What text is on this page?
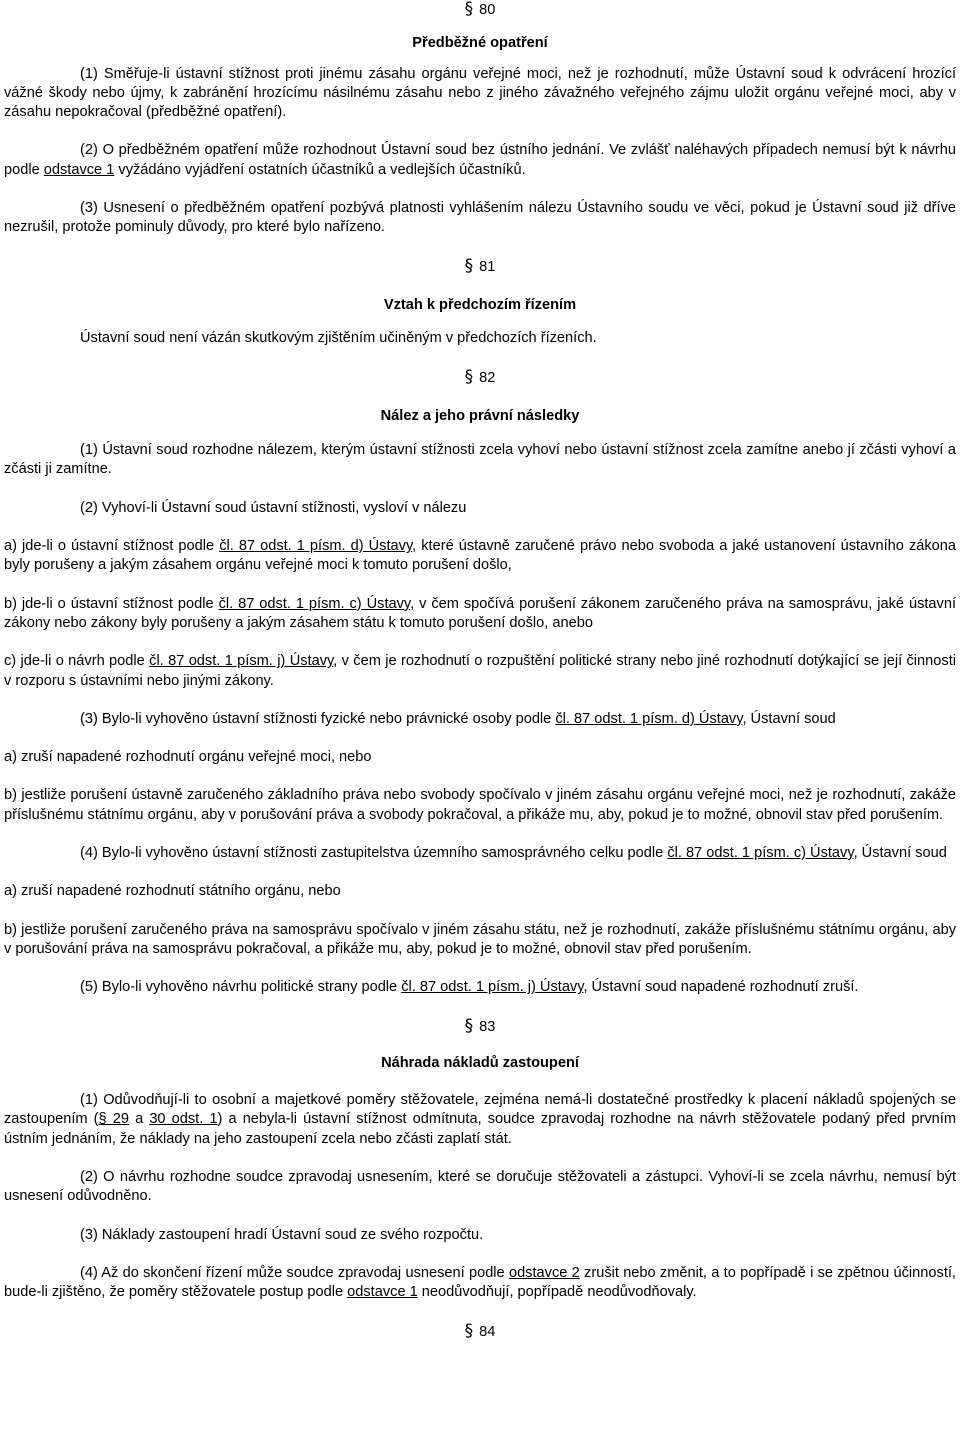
§ 80
Předběžné opatření

(1) Směřuje-li ústavní stížnost proti jinému zásahu orgánu veřejné moci, než je rozhodnutí, může Ústavní soud k odvrácení hrozící vážné škody nebo újmy, k zabránění hrozícímu násilnému zásahu nebo z jiného závažného veřejného zájmu uložit orgánu veřejné moci, aby v zásahu nepokračoval (předběžné opatření).

(2) O předběžném opatření může rozhodnout Ústavní soud bez ústního jednání. Ve zvlášť naléhavých případech nemusí být k návrhu podle odstavce 1 vyžádáno vyjádření ostatních účastníků a vedlejších účastníků.

(3) Usnesení o předběžném opatření pozbývá platnosti vyhlášením nálezu Ústavního soudu ve věci, pokud je Ústavní soud již dříve nezrušil, protože pominuly důvody, pro které bylo nařízeno.

§ 81
Vztah k předchozím řízením

Ústavní soud není vázán skutkovým zjištěním učiněným v předchozích řízeních.

§ 82
Nález a jeho právní následky

(1) Ústavní soud rozhodne nálezem, kterým ústavní stížnosti zcela vyhoví nebo ústavní stížnost zcela zamítne anebo jí zčásti vyhoví a zčásti ji zamítne.

(2) Vyhoví-li Ústavní soud ústavní stížnosti, vysloví v nálezu

a) jde-li o ústavní stížnost podle čl. 87 odst. 1 písm. d) Ústavy, které ústavně zaručené právo nebo svoboda a jaké ustanovení ústavního zákona byly porušeny a jakým zásahem orgánu veřejné moci k tomuto porušení došlo,

b) jde-li o ústavní stížnost podle čl. 87 odst. 1 písm. c) Ústavy, v čem spočívá porušení zákonem zaručeného práva na samosprávu, jaké ústavní zákony nebo zákony byly porušeny a jakým zásahem státu k tomuto porušení došlo, anebo

c) jde-li o návrh podle čl. 87 odst. 1 písm. j) Ústavy, v čem je rozhodnutí o rozpuštění politické strany nebo jiné rozhodnutí dotýkající se její činnosti v rozporu s ústavními nebo jinými zákony.

(3) Bylo-li vyhověno ústavní stížnosti fyzické nebo právnické osoby podle čl. 87 odst. 1 písm. d) Ústavy, Ústavní soud

a) zruší napadené rozhodnutí orgánu veřejné moci, nebo

b) jestliže porušení ústavně zaručeného základního práva nebo svobody spočívalo v jiném zásahu orgánu veřejné moci, než je rozhodnutí, zakáže příslušnému státnímu orgánu, aby v porušování práva a svobody pokračoval, a přikáže mu, aby, pokud je to možné, obnovil stav před porušením.

(4) Bylo-li vyhověno ústavní stížnosti zastupitelstva územního samosprávného celku podle čl. 87 odst. 1 písm. c) Ústavy, Ústavní soud

a) zruší napadené rozhodnutí státního orgánu, nebo

b) jestliže porušení zaručeného práva na samosprávu spočívalo v jiném zásahu státu, než je rozhodnutí, zakáže příslušnému státnímu orgánu, aby v porušování práva na samosprávu pokračoval, a přikáže mu, aby, pokud je to možné, obnovil stav před porušením.

(5) Bylo-li vyhověno návrhu politické strany podle čl. 87 odst. 1 písm. j) Ústavy, Ústavní soud napadené rozhodnutí zruší.

§ 83
Náhrada nákladů zastoupení

(1) Odůvodňují-li to osobní a majetkové poměry stěžovatele, zejména nemá-li dostatečné prostředky k placení nákladů spojených se zastoupením (§ 29 a 30 odst. 1) a nebyla-li ústavní stížnost odmítnuta, soudce zpravodaj rozhodne na návrh stěžovatele podaný před prvním ústním jednáním, že náklady na jeho zastoupení zcela nebo zčásti zaplatí stát.

(2) O návrhu rozhodne soudce zpravodaj usnesením, které se doručuje stěžovateli a zástupci. Vyhoví-li se zcela návrhu, nemusí být usnesení odůvodněno.

(3) Náklady zastoupení hradí Ústavní soud ze svého rozpočtu.

(4) Až do skončení řízení může soudce zpravodaj usnesení podle odstavce 2 zrušit nebo změnit, a to popřípadě i se zpětnou účinností, bude-li zjištěno, že poměry stěžovatele postup podle odstavce 1 neodůvodňují, popřípadě neodůvodňovaly.

§ 84
